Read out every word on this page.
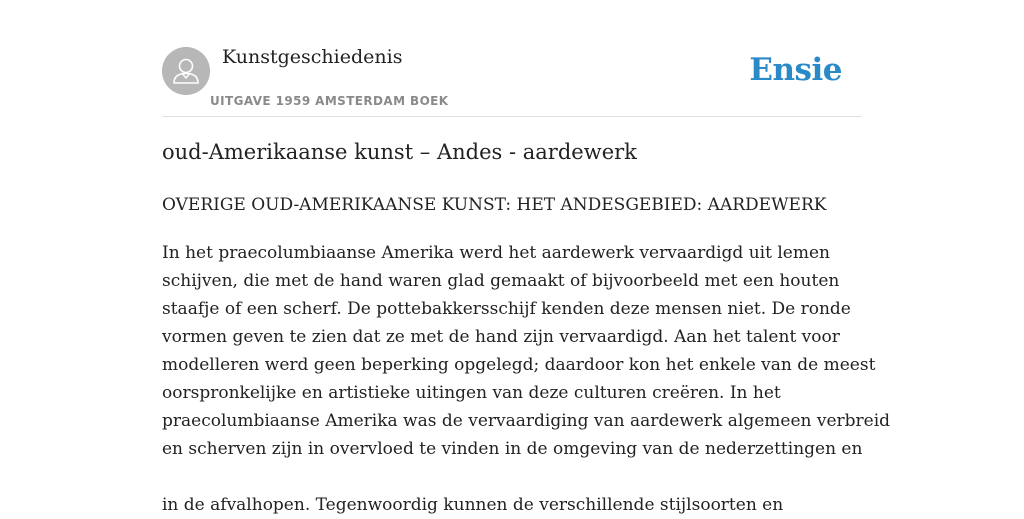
Kunstgeschiedenis
UITGAVE 1959 AMSTERDAM BOEK
Ensie
oud-Amerikaanse kunst – Andes - aardewerk
OVERIGE OUD-AMERIKAANSE KUNST: HET ANDESGEBIED: AARDEWERK

In het praecolumbiaanse Amerika werd het aardewerk vervaardigd uit lemen
schijven, die met de hand waren glad gemaakt of bijvoorbeeld met een houten
staafje of een scherf. De pottebakkersschijf kenden deze mensen niet. De ronde
vormen geven te zien dat ze met de hand zijn vervaardigd. Aan het talent voor
modelleren werd geen beperking opgelegd; daardoor kon het enkele van de meest
oorspronkelijke en artistieke uitingen van deze culturen creëren. In het
praecolumbiaanse Amerika was de vervaardiging van aardewerk algemeen verbreid
en scherven zijn in overvloed te vinden in de omgeving van de nederzettingen en

in de afvalhopen. Tegenwoordig kunnen de verschillende stijlsoorten en
